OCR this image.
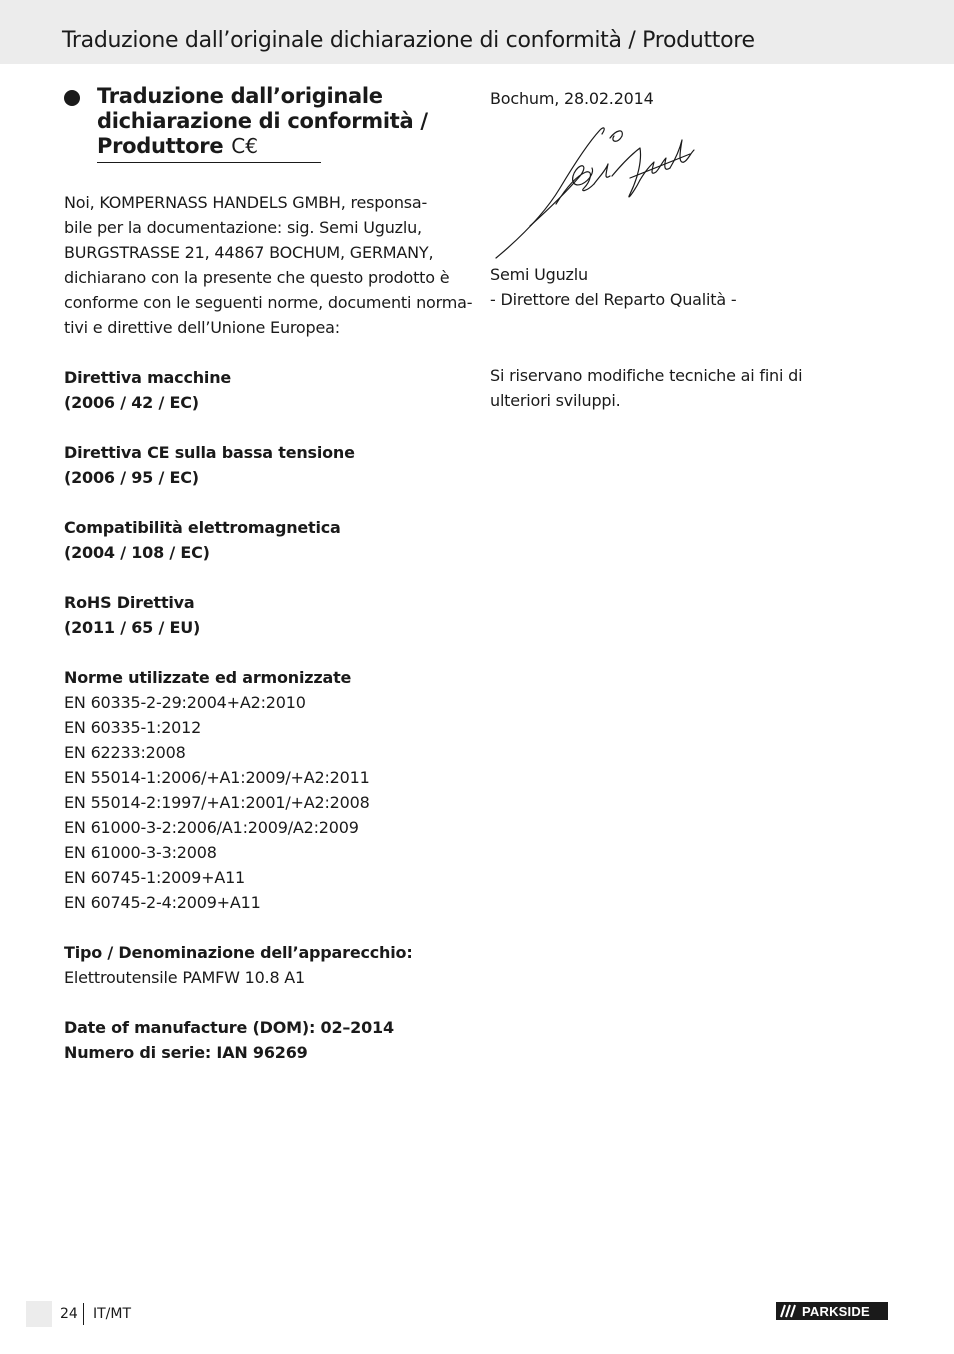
Traduzione dall’originale dichiarazione di conformità / Produttore
Traduzione dall’originale
dichiarazione di conformità /
Produttore C€
Noi, KOMPERNASS HANDELS GMBH, responsa-
bile per la documentazione: sig. Semi Uguzlu,
BURGSTRASSE 21, 44867 BOCHUM, GERMANY,
dichiarano con la presente che questo prodotto è
conforme con le seguenti norme, documenti norma-
tivi e direttive dell’Unione Europea:
Direttiva macchine
(2006 / 42 / EC)
Direttiva CE sulla bassa tensione
(2006 / 95 / EC)
Compatibilità elettromagnetica
(2004 / 108 / EC)
RoHS Direttiva
(2011 / 65 / EU)
Norme utilizzate ed armonizzate
EN 60335-2-29:2004+A2:2010
EN 60335-1:2012
EN 62233:2008
EN 55014-1:2006/+A1:2009/+A2:2011
EN 55014-2:1997/+A1:2001/+A2:2008
EN 61000-3-2:2006/A1:2009/A2:2009
EN 61000-3-3:2008
EN 60745-1:2009+A11
EN 60745-2-4:2009+A11
Tipo / Denominazione dell’apparecchio:
Elettroutensile PAMFW 10.8 A1
Date of manufacture (DOM): 02–2014
Numero di serie: IAN 96269
Bochum, 28.02.2014
Semi Uguzlu
- Direttore del Reparto Qualità -
Si riservano modifiche tecniche ai fini di
ulteriori sviluppi.
24 IT/MT	PARKSIDE
